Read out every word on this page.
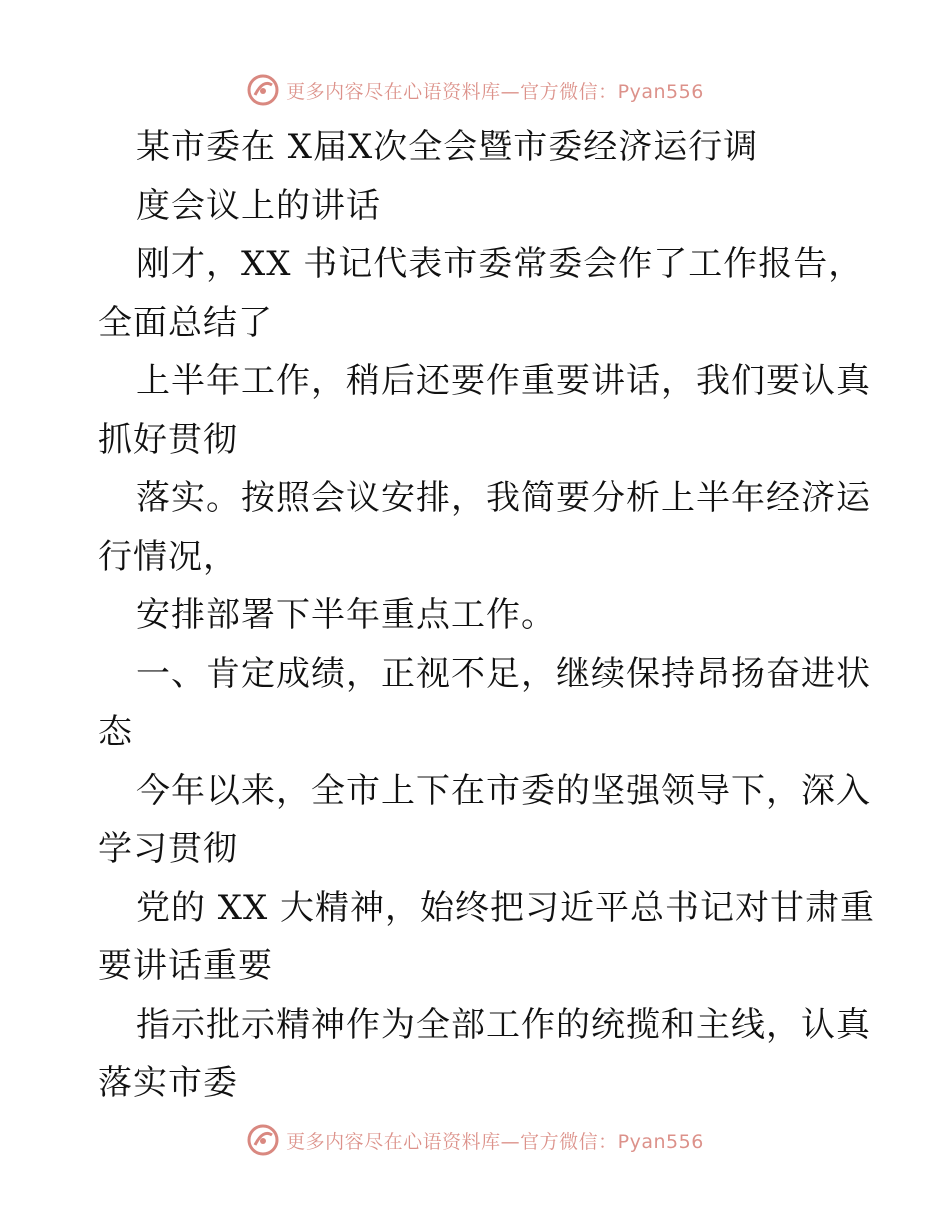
更多内容尽在心语资料库—官方微信：Pyan556
某市委在 X届X次全会暨市委经济运行调
度会议上的讲话
刚才，XX 书记代表市委常委会作了工作报告，
全面总结了
上半年工作，稍后还要作重要讲话，我们要认真
抓好贯彻
落实。按照会议安排，我简要分析上半年经济运
行情况，
安排部署下半年重点工作。
一、肯定成绩，正视不足，继续保持昂扬奋进状
态
今年以来，全市上下在市委的坚强领导下，深入
学习贯彻
党的 XX 大精神，始终把习近平总书记对甘肃重
要讲话重要
指示批示精神作为全部工作的统揽和主线，认真
落实市委
更多内容尽在心语资料库—官方微信：Pyan556
